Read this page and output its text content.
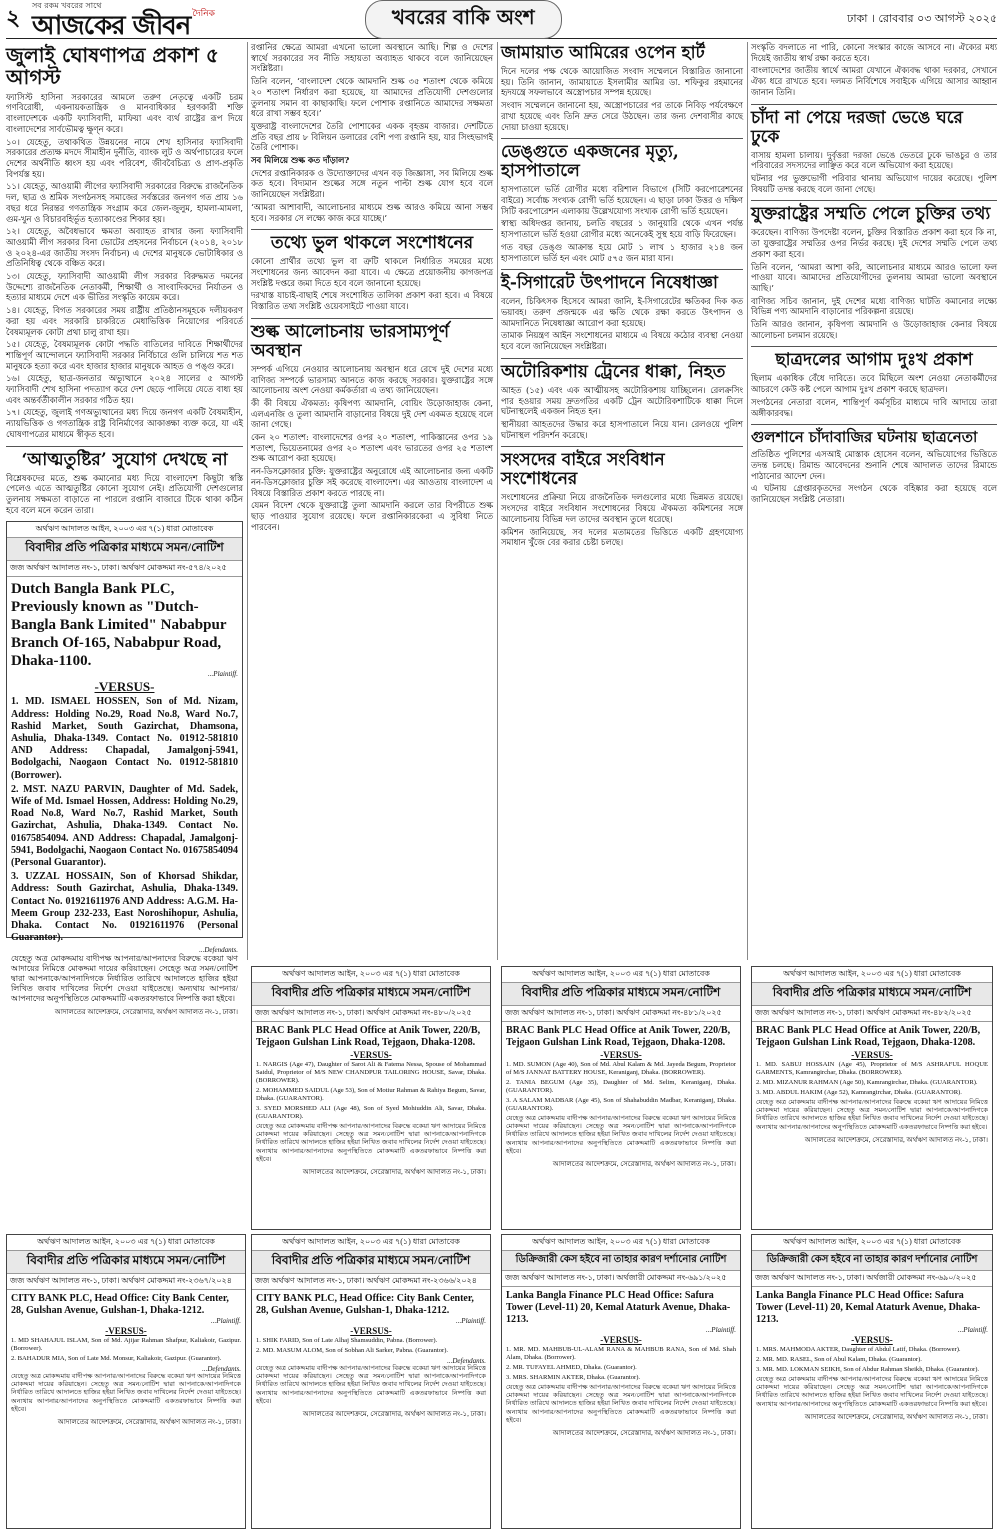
২	সব রকম খবরের সাথে
আজকের জীবন দৈনিক	খবরের বাকি অংশ	ঢাকা । রোববার ০৩ আগস্ট ২০২৫
জুলাই ঘোষণাপত্র প্রকাশ ৫ আগস্ট

ফ্যাসিস্ট হাসিনা সরকারের আমলে তরুণ নেতৃত্বে একটি চরম গণবিরোধী, একনায়কতান্ত্রিক ও মানবাধিকার হরণকারী শক্তি বাংলাদেশকে একটি ফ্যাসিবাদী, মাফিয়া এবং ব্যর্থ রাষ্ট্রের রূপ দিয়ে বাংলাদেশের সার্বভৌমত্ব ক্ষুণ্ন করে।

১০। যেহেতু, তথাকথিত উন্নয়নের নামে শেখ হাসিনার ফ্যাসিবাদী সরকারের প্রত্যক্ষ মদদে সীমাহীন দুর্নীতি, ব্যাংক লুট ও অর্থপাচারের ফলে দেশের অর্থনীতি ধ্বংস হয় এবং পরিবেশ, জীববৈচিত্র্য ও প্রাণ-প্রকৃতি বিপর্যস্ত হয়।

১১। যেহেতু, আওয়ামী লীগের ফ্যাসিবাদী সরকারের বিরুদ্ধে রাজনৈতিক দল, ছাত্র ও শ্রমিক সংগঠনসহ সমাজের সর্বস্তরের জনগণ গত প্রায় ১৬ বছর ধরে নিরন্তর গণতান্ত্রিক সংগ্রাম করে জেল-জুলুম, হামলা-মামলা, গুম-খুন ও বিচারবহির্ভূত হত্যাকাণ্ডের শিকার হয়।

১২। যেহেতু, অবৈধভাবে ক্ষমতা অব্যাহত রাখার জন্য ফ্যাসিবাদী আওয়ামী লীগ সরকার বিনা ভোটের প্রহসনের নির্বাচনে (২০১৪, ২০১৮ ও ২০২৪-এর জাতীয় সংসদ নির্বাচন) এ দেশের মানুষকে ভোটাধিকার ও প্রতিনিধিত্ব থেকে বঞ্চিত করে।

১৩। যেহেতু, ফ্যাসিবাদী আওয়ামী লীগ সরকার বিরুদ্ধমত দমনের উদ্দেশ্যে রাজনৈতিক নেতাকর্মী, শিক্ষার্থী ও সাংবাদিকদের নির্যাতন ও হত্যার মাধ্যমে দেশে এক ভীতির সংস্কৃতি কায়েম করে।

১৪। যেহেতু, বিগত সরকারের সময় রাষ্ট্রীয় প্রতিষ্ঠানসমূহকে দলীয়করণ করা হয় এবং সরকারি চাকরিতে মেধাভিত্তিক নিয়োগের পরিবর্তে বৈষম্যমূলক কোটা প্রথা চালু রাখা হয়।

১৫। যেহেতু, বৈষম্যমূলক কোটা পদ্ধতি বাতিলের দাবিতে শিক্ষার্থীদের শান্তিপূর্ণ আন্দোলনে ফ্যাসিবাদী সরকার নির্বিচারে গুলি চালিয়ে শত শত মানুষকে হত্যা করে এবং হাজার হাজার মানুষকে আহত ও পঙ্গু করে।

১৬। যেহেতু, ছাত্র-জনতার অভ্যুত্থানে ২০২৪ সালের ৫ আগস্ট ফ্যাসিবাদী শেখ হাসিনা পদত্যাগ করে দেশ ছেড়ে পালিয়ে যেতে বাধ্য হয় এবং অন্তর্বর্তীকালীন সরকার গঠিত হয়।

১৭। যেহেতু, জুলাই গণঅভ্যুত্থানের মধ্য দিয়ে জনগণ একটি বৈষম্যহীন, ন্যায়ভিত্তিক ও গণতান্ত্রিক রাষ্ট্র বিনির্মাণের আকাঙ্ক্ষা ব্যক্ত করে, যা এই ঘোষণাপত্রের মাধ্যমে স্বীকৃত হবে।

‘আত্মতুষ্টির’ সুযোগ দেখছে না

বিশ্লেষকদের মতে, শুল্ক কমানোর মধ্য দিয়ে বাংলাদেশ কিছুটা স্বস্তি পেলেও এতে আত্মতুষ্টির কোনো সুযোগ নেই। প্রতিযোগী দেশগুলোর তুলনায় সক্ষমতা বাড়াতে না পারলে রপ্তানি বাজারে টিকে থাকা কঠিন হবে বলে মনে করেন তারা।

অর্থঋণ আদালত আইন, ২০০৩ এর ৭(১) ধারা মোতাবেক
বিবাদীর প্রতি পত্রিকার মাধ্যমে সমন/নোটিশ
জজ অর্থঋণ আদালত নং-১, ঢাকা। অর্থঋণ মোকদ্দমা নং-৫৭৪/২০২৫
Dutch Bangla Bank PLC, Previously known as "Dutch-Bangla Bank Limited" Nababpur Branch Of-165, Nababpur Road, Dhaka-1100.
...Plaintiff.
-VERSUS-
1. MD. ISMAEL HOSSEN, Son of Md. Nizam, Address: Holding No.29, Road No.8, Ward No.7, Rashid Market, South Gazirchat, Dhamsona, Ashulia, Dhaka-1349. Contact No. 01912-581810 AND Address: Chapadal, Jamalgonj-5941, Bodolgachi, Naogaon Contact No. 01912-581810 (Borrower).
2. MST. NAZU PARVIN, Daughter of Md. Sadek, Wife of Md. Ismael Hossen, Address: Holding No.29, Road No.8, Ward No.7, Rashid Market, South Gazirchat, Ashulia, Dhaka-1349. Contact No. 01675854094. AND Address: Chapadal, Jamalgonj-5941, Bodolgachi, Naogaon Contact No. 01675854094 (Personal Guarantor).
3. UZZAL HOSSAIN, Son of Khorsad Shikdar, Address: South Gazirchat, Ashulia, Dhaka-1349. Contact No. 01921611976 AND Address: A.G.M. Ha-Meem Group 232-233, East Noroshihopur, Ashulia, Dhaka. Contact No. 01921611976 (Personal Guarantor).
...Defendants.
যেহেতু অত্র মোকদ্দমায় বাদীপক্ষ আপনার/আপনাদের বিরুদ্ধে বকেয়া ঋণ আদায়ের নিমিত্তে মোকদ্দমা দায়ের করিয়াছেন। সেহেতু অত্র সমন/নোটিশ দ্বারা আপনাকে/আপনাদিগকে নির্ধারিত তারিখে আদালতে হাজির হইয়া লিখিত জবাব দাখিলের নির্দেশ দেওয়া যাইতেছে। অন্যথায় আপনার/আপনাদের অনুপস্থিতিতে মোকদ্দমাটি একতরফাভাবে নিষ্পত্তি করা হইবে।
আদালতের আদেশক্রমে, সেরেস্তাদার, অর্থঋণ আদালত নং-১, ঢাকা।

রপ্তানির ক্ষেত্রে আমরা এখনো ভালো অবস্থানে আছি। শিল্প ও দেশের স্বার্থে সরকারের সব নীতি সহায়তা অব্যাহত থাকবে বলে জানিয়েছেন সংশ্লিষ্টরা।

তিনি বলেন, ‘বাংলাদেশ থেকে আমদানি শুল্ক ৩৫ শতাংশ থেকে কমিয়ে ২০ শতাংশ নির্ধারণ করা হয়েছে, যা আমাদের প্রতিযোগী দেশগুলোর তুলনায় সমান বা কাছাকাছি। ফলে পোশাক রপ্তানিতে আমাদের সক্ষমতা ধরে রাখা সম্ভব হবে।’

যুক্তরাষ্ট্র বাংলাদেশের তৈরি পোশাকের একক বৃহত্তম বাজার। দেশটিতে প্রতি বছর প্রায় ৮ বিলিয়ন ডলারের বেশি পণ্য রপ্তানি হয়, যার সিংহভাগই তৈরি পোশাক।

সব মিলিয়ে শুল্ক কত দাঁড়াল?

দেশের রপ্তানিকারক ও উদ্যোক্তাদের এখন বড় জিজ্ঞাসা, সব মিলিয়ে শুল্ক কত হবে। বিদ্যমান শুল্কের সঙ্গে নতুন পাল্টা শুল্ক যোগ হবে বলে জানিয়েছেন সংশ্লিষ্টরা।

‘আমরা আশাবাদী, আলোচনার মাধ্যমে শুল্ক আরও কমিয়ে আনা সম্ভব হবে। সরকার সে লক্ষ্যে কাজ করে যাচ্ছে।’

তথ্যে ভুল থাকলে সংশোধনের

কোনো প্রার্থীর তথ্যে ভুল বা ত্রুটি থাকলে নির্ধারিত সময়ের মধ্যে সংশোধনের জন্য আবেদন করা যাবে। এ ক্ষেত্রে প্রয়োজনীয় কাগজপত্র সংশ্লিষ্ট দপ্তরে জমা দিতে হবে বলে জানানো হয়েছে।

দরখাস্ত যাচাই-বাছাই শেষে সংশোধিত তালিকা প্রকাশ করা হবে। এ বিষয়ে বিস্তারিত তথ্য সংশ্লিষ্ট ওয়েবসাইটে পাওয়া যাবে।

শুল্ক আলোচনায় ভারসাম্যপূর্ণ অবস্থান

সম্পর্ক এগিয়ে নেওয়ার আলোচনায় অবস্থান ধরে রেখে দুই দেশের মধ্যে বাণিজ্য সম্পর্কে ভারসাম্য আনতে কাজ করছে সরকার। যুক্তরাষ্ট্রের সঙ্গে আলোচনায় অংশ নেওয়া কর্মকর্তারা এ তথ্য জানিয়েছেন।

কী কী বিষয়ে ঐকমত্য: কৃষিপণ্য আমদানি, বোয়িং উড়োজাহাজ কেনা, এলএনজি ও তুলা আমদানি বাড়ানোর বিষয়ে দুই দেশ একমত হয়েছে বলে জানা গেছে।

কেন ২০ শতাংশ: বাংলাদেশের ওপর ২০ শতাংশ, পাকিস্তানের ওপর ১৯ শতাংশ, ভিয়েতনামের ওপর ২০ শতাংশ এবং ভারতের ওপর ২৫ শতাংশ শুল্ক আরোপ করা হয়েছে।

নন-ডিসক্লোজার চুক্তি: যুক্তরাষ্ট্রের অনুরোধে এই আলোচনার জন্য একটি নন-ডিসক্লোজার চুক্তি সই করেছে বাংলাদেশ। এর আওতায় বাংলাদেশ এ বিষয়ে বিস্তারিত প্রকাশ করতে পারছে না।

যেমন বিদেশ থেকে যুক্তরাষ্ট্রে তুলা আমদানি করলে তার বিপরীতে শুল্ক ছাড় পাওয়ার সুযোগ রয়েছে। ফলে রপ্তানিকারকেরা এ সুবিধা নিতে পারবেন।

জামায়াত আমিরের ওপেন হার্ট

দিনে দলের পক্ষ থেকে আয়োজিত সংবাদ সম্মেলনে বিস্তারিত জানানো হয়। তিনি জানান, জামায়াতে ইসলামীর আমির ডা. শফিকুর রহমানের হৃদযন্ত্রে সফলভাবে অস্ত্রোপচার সম্পন্ন হয়েছে।

সংবাদ সম্মেলনে জানানো হয়, অস্ত্রোপচারের পর তাকে নিবিড় পর্যবেক্ষণে রাখা হয়েছে এবং তিনি দ্রুত সেরে উঠছেন। তার জন্য দেশবাসীর কাছে দোয়া চাওয়া হয়েছে।

ডেঙ্গুতে একজনের মৃত্যু, হাসপাতালে

হাসপাতালে ভর্তি রোগীর মধ্যে বরিশাল বিভাগে (সিটি করপোরেশনের বাইরে) সর্বোচ্চ সংখ্যক রোগী ভর্তি হয়েছেন। এ ছাড়া ঢাকা উত্তর ও দক্ষিণ সিটি করপোরেশন এলাকায় উল্লেখযোগ্য সংখ্যক রোগী ভর্তি হয়েছেন।

স্বাস্থ্য অধিদপ্তর জানায়, চলতি বছরের ১ জানুয়ারি থেকে এখন পর্যন্ত হাসপাতালে ভর্তি হওয়া রোগীর মধ্যে অনেকেই সুস্থ হয়ে বাড়ি ফিরেছেন।

গত বছর ডেঙ্গু আক্রান্ত হয়ে মোট ১ লাখ ১ হাজার ২১৪ জন হাসপাতালে ভর্তি হন এবং মোট ৫৭৫ জন মারা যান।

ই-সিগারেট উৎপাদনে নিষেধাজ্ঞা

বলেন, চিকিৎসক হিসেবে আমরা জানি, ই-সিগারেটের ক্ষতিকর দিক কত ভয়াবহ। তরুণ প্রজন্মকে এর ক্ষতি থেকে রক্ষা করতে উৎপাদন ও আমদানিতে নিষেধাজ্ঞা আরোপ করা হয়েছে।

তামাক নিয়ন্ত্রণ আইন সংশোধনের মাধ্যমে এ বিষয়ে কঠোর ব্যবস্থা নেওয়া হবে বলে জানিয়েছেন সংশ্লিষ্টরা।

অটোরিকশায় ট্রেনের ধাক্কা, নিহত

আহত (১৫) এবং এক আত্মীয়সহ অটোরিকশায় যাচ্ছিলেন। রেলক্রসিং পার হওয়ার সময় দ্রুতগতির একটি ট্রেন অটোরিকশাটিকে ধাক্কা দিলে ঘটনাস্থলেই একজন নিহত হন।

স্থানীয়রা আহতদের উদ্ধার করে হাসপাতালে নিয়ে যান। রেলওয়ে পুলিশ ঘটনাস্থল পরিদর্শন করেছে।

সংসদের বাইরে সংবিধান সংশোধনের

সংশোধনের প্রক্রিয়া নিয়ে রাজনৈতিক দলগুলোর মধ্যে ভিন্নমত রয়েছে। সংসদের বাইরে সংবিধান সংশোধনের বিষয়ে ঐকমত্য কমিশনের সঙ্গে আলোচনায় বিভিন্ন দল তাদের অবস্থান তুলে ধরেছে।

কমিশন জানিয়েছে, সব দলের মতামতের ভিত্তিতে একটি গ্রহণযোগ্য সমাধান খুঁজে বের করার চেষ্টা চলছে।

সংস্কৃতি বদলাতে না পারি, কোনো সংস্কার কাজে আসবে না। ঐক্যের মধ্য দিয়েই জাতীয় স্বার্থ রক্ষা করতে হবে।

বাংলাদেশের জাতীয় স্বার্থে আমরা যেখানে ঐক্যবদ্ধ থাকা দরকার, সেখানে ঐক্য ধরে রাখতে হবে। দলমত নির্বিশেষে সবাইকে এগিয়ে আসার আহ্বান জানান তিনি।

চাঁদা না পেয়ে দরজা ভেঙে ঘরে ঢুকে

বাসায় হামলা চালায়। দুর্বৃত্তরা দরজা ভেঙে ভেতরে ঢুকে ভাঙচুর ও তার পরিবারের সদস্যদের লাঞ্ছিত করে বলে অভিযোগ করা হয়েছে।

ঘটনার পর ভুক্তভোগী পরিবার থানায় অভিযোগ দায়ের করেছে। পুলিশ বিষয়টি তদন্ত করছে বলে জানা গেছে।

যুক্তরাষ্ট্রের সম্মতি পেলে চুক্তির তথ্য

করেছেন। বাণিজ্য উপদেষ্টা বলেন, চুক্তির বিস্তারিত প্রকাশ করা হবে কি না, তা যুক্তরাষ্ট্রের সম্মতির ওপর নির্ভর করছে। দুই দেশের সম্মতি পেলে তথ্য প্রকাশ করা হবে।

তিনি বলেন, ‘আমরা আশা করি, আলোচনার মাধ্যমে আরও ভালো ফল পাওয়া যাবে। আমাদের প্রতিযোগীদের তুলনায় আমরা ভালো অবস্থানে আছি।’

বাণিজ্য সচিব জানান, দুই দেশের মধ্যে বাণিজ্য ঘাটতি কমানোর লক্ষ্যে বিভিন্ন পণ্য আমদানি বাড়ানোর পরিকল্পনা রয়েছে।

তিনি আরও জানান, কৃষিপণ্য আমদানি ও উড়োজাহাজ কেনার বিষয়ে আলোচনা চলমান রয়েছে।

ছাত্রদলের আগাম দুঃখ প্রকাশ

ছিলাম একাধিক বেঁধে দাবিতে। তবে মিছিলে অংশ নেওয়া নেতাকর্মীদের আচরণে কেউ কষ্ট পেলে আগাম দুঃখ প্রকাশ করছে ছাত্রদল।

সংগঠনের নেতারা বলেন, শান্তিপূর্ণ কর্মসূচির মাধ্যমে দাবি আদায়ে তারা অঙ্গীকারবদ্ধ।

গুলশানে চাঁদাবাজির ঘটনায় ছাত্রনেতা

প্রতিষ্ঠিত পুলিশের এসআই মোস্তাক হোসেন বলেন, অভিযোগের ভিত্তিতে তদন্ত চলছে। রিমান্ড আবেদনের শুনানি শেষে আদালত তাদের রিমান্ডে পাঠানোর আদেশ দেন।

এ ঘটনায় গ্রেপ্তারকৃতদের সংগঠন থেকে বহিষ্কার করা হয়েছে বলে জানিয়েছেন সংশ্লিষ্ট নেতারা।

অর্থঋণ আদালত আইন, ২০০৩ এর ৭(১) ধারা মোতাবেক
বিবাদীর প্রতি পত্রিকার মাধ্যমে সমন/নোটিশ
জজ অর্থঋণ আদালত নং-১, ঢাকা। অর্থঋণ মোকদ্দমা নং-৪৮০/২০২৫
BRAC Bank PLC Head Office at Anik Tower, 220/B, Tejgaon Gulshan Link Road, Tejgaon, Dhaka-1208.
-VERSUS-
1. NARGIS (Age 47), Daughter of Sarot Ali & Fatema Nessa, Spouse of Mohammad Saidul, Proprietor of M/S NEW CHANDPUR TAILORING HOUSE, Savar, Dhaka. (BORROWER).
2. MOHAMMED SAIDUL (Age 53), Son of Motiur Rahman & Rahiya Begum, Savar, Dhaka. (GUARANTOR).
3. SYED MORSHED ALI (Age 48), Son of Syed Mohiuddin Ali, Savar, Dhaka. (GUARANTOR).
যেহেতু অত্র মোকদ্দমায় বাদীপক্ষ আপনার/আপনাদের বিরুদ্ধে বকেয়া ঋণ আদায়ের নিমিত্তে মোকদ্দমা দায়ের করিয়াছেন। সেহেতু অত্র সমন/নোটিশ দ্বারা আপনাকে/আপনাদিগকে নির্ধারিত তারিখে আদালতে হাজির হইয়া লিখিত জবাব দাখিলের নির্দেশ দেওয়া যাইতেছে। অন্যথায় আপনার/আপনাদের অনুপস্থিতিতে মোকদ্দমাটি একতরফাভাবে নিষ্পত্তি করা হইবে।
আদালতের আদেশক্রমে, সেরেস্তাদার, অর্থঋণ আদালত নং-১, ঢাকা।
অর্থঋণ আদালত আইন, ২০০৩ এর ৭(১) ধারা মোতাবেক
বিবাদীর প্রতি পত্রিকার মাধ্যমে সমন/নোটিশ
জজ অর্থঋণ আদালত নং-১, ঢাকা। অর্থঋণ মোকদ্দমা নং-৪৮১/২০২৫
BRAC Bank PLC Head Office at Anik Tower, 220/B, Tejgaon Gulshan Link Road, Tejgaon, Dhaka-1208.
-VERSUS-
1. MD. SUMON (Age 40), Son of Md. Abul Kalam & Md. Jayeda Begum, Proprietor of M/S JANNAT BATTERY HOUSE, Keraniganj, Dhaka. (BORROWER).
2. TANIA BEGUM (Age 35), Daughter of Md. Selim, Keraniganj, Dhaka. (GUARANTOR).
3. A SALAM MADBAR (Age 45), Son of Shahabuddin Madbar, Keraniganj, Dhaka. (GUARANTOR).
যেহেতু অত্র মোকদ্দমায় বাদীপক্ষ আপনার/আপনাদের বিরুদ্ধে বকেয়া ঋণ আদায়ের নিমিত্তে মোকদ্দমা দায়ের করিয়াছেন। সেহেতু অত্র সমন/নোটিশ দ্বারা আপনাকে/আপনাদিগকে নির্ধারিত তারিখে আদালতে হাজির হইয়া লিখিত জবাব দাখিলের নির্দেশ দেওয়া যাইতেছে। অন্যথায় আপনার/আপনাদের অনুপস্থিতিতে মোকদ্দমাটি একতরফাভাবে নিষ্পত্তি করা হইবে।
আদালতের আদেশক্রমে, সেরেস্তাদার, অর্থঋণ আদালত নং-১, ঢাকা।
অর্থঋণ আদালত আইন, ২০০৩ এর ৭(১) ধারা মোতাবেক
বিবাদীর প্রতি পত্রিকার মাধ্যমে সমন/নোটিশ
জজ অর্থঋণ আদালত নং-১, ঢাকা। অর্থঋণ মোকদ্দমা নং-৪৮২/২০২৫
BRAC Bank PLC Head Office at Anik Tower, 220/B, Tejgaon Gulshan Link Road, Tejgaon, Dhaka-1208.
-VERSUS-
1. MD. SABUJ HOSSAIN (Age 45), Proprietor of M/S ASHRAFUL HOQUE GARMENTS, Kamrangirchar, Dhaka. (BORROWER).
2. MD. MIZANUR RAHMAN (Age 50), Kamrangirchar, Dhaka. (GUARANTOR).
3. MD. ABDUL HAKIM (Age 52), Kamrangirchar, Dhaka. (GUARANTOR).
যেহেতু অত্র মোকদ্দমায় বাদীপক্ষ আপনার/আপনাদের বিরুদ্ধে বকেয়া ঋণ আদায়ের নিমিত্তে মোকদ্দমা দায়ের করিয়াছেন। সেহেতু অত্র সমন/নোটিশ দ্বারা আপনাকে/আপনাদিগকে নির্ধারিত তারিখে আদালতে হাজির হইয়া লিখিত জবাব দাখিলের নির্দেশ দেওয়া যাইতেছে। অন্যথায় আপনার/আপনাদের অনুপস্থিতিতে মোকদ্দমাটি একতরফাভাবে নিষ্পত্তি করা হইবে।
আদালতের আদেশক্রমে, সেরেস্তাদার, অর্থঋণ আদালত নং-১, ঢাকা।
অর্থঋণ আদালত আইন, ২০০৩ এর ৭(১) ধারা মোতাবেক
বিবাদীর প্রতি পত্রিকার মাধ্যমে সমন/নোটিশ
জজ অর্থঋণ আদালত নং-১, ঢাকা। অর্থঋণ মোকদ্দমা নং-২৩৬৭/২০২৪
CITY BANK PLC, Head Office: City Bank Center, 28, Gulshan Avenue, Gulshan-1, Dhaka-1212.
...Plaintiff.
-VERSUS-
1. MD SHAHAJUL ISLAM, Son of Md. Ajijar Rahman Shafpur, Kaliakoir, Gazipur. (Borrower).
2. BAHADUR MIA, Son of Late Md. Monsur, Kaliakoir, Gazipur. (Guarantor).
...Defendants.
যেহেতু অত্র মোকদ্দমায় বাদীপক্ষ আপনার/আপনাদের বিরুদ্ধে বকেয়া ঋণ আদায়ের নিমিত্তে মোকদ্দমা দায়ের করিয়াছেন। সেহেতু অত্র সমন/নোটিশ দ্বারা আপনাকে/আপনাদিগকে নির্ধারিত তারিখে আদালতে হাজির হইয়া লিখিত জবাব দাখিলের নির্দেশ দেওয়া যাইতেছে। অন্যথায় আপনার/আপনাদের অনুপস্থিতিতে মোকদ্দমাটি একতরফাভাবে নিষ্পত্তি করা হইবে।
আদালতের আদেশক্রমে, সেরেস্তাদার, অর্থঋণ আদালত নং-১, ঢাকা।
অর্থঋণ আদালত আইন, ২০০৩ এর ৭(১) ধারা মোতাবেক
বিবাদীর প্রতি পত্রিকার মাধ্যমে সমন/নোটিশ
জজ অর্থঋণ আদালত নং-১, ঢাকা। অর্থঋণ মোকদ্দমা নং-২৩৬৬/২০২৪
CITY BANK PLC, Head Office: City Bank Center, 28, Gulshan Avenue, Gulshan-1, Dhaka-1212.
...Plaintiff.
-VERSUS-
1. SHIK FARID, Son of Late Alhaj Shamsuddin, Pabna. (Borrower).
2. MD. MASUM ALOM, Son of Sobhan Ali Sarker, Pabna. (Guarantor).
...Defendants.
যেহেতু অত্র মোকদ্দমায় বাদীপক্ষ আপনার/আপনাদের বিরুদ্ধে বকেয়া ঋণ আদায়ের নিমিত্তে মোকদ্দমা দায়ের করিয়াছেন। সেহেতু অত্র সমন/নোটিশ দ্বারা আপনাকে/আপনাদিগকে নির্ধারিত তারিখে আদালতে হাজির হইয়া লিখিত জবাব দাখিলের নির্দেশ দেওয়া যাইতেছে। অন্যথায় আপনার/আপনাদের অনুপস্থিতিতে মোকদ্দমাটি একতরফাভাবে নিষ্পত্তি করা হইবে।
আদালতের আদেশক্রমে, সেরেস্তাদার, অর্থঋণ আদালত নং-১, ঢাকা।
অর্থঋণ আদালত আইন, ২০০৩ এর ৭(১) ধারা মোতাবেক
ডিক্রিজারী কেস হইবে না তাহার কারণ দর্শানোর নোটিশ
জজ অর্থঋণ আদালত নং-১, ঢাকা। অর্থজারী মোকদ্দমা নং-৬৯১/২০২৫
Lanka Bangla Finance PLC Head Office: Safura Tower (Level-11) 20, Kemal Ataturk Avenue, Dhaka-1213.
...Plaintiff.
-VERSUS-
1. MR. MD. MAHBUB-UL-ALAM RANA & MAHBUB RANA, Son of Md. Shah Alam, Dhaka. (Borrower).
2. MR. TUFAYEL AHMED, Dhaka. (Guarantor).
3. MRS. SHARMIN AKTER, Dhaka. (Guarantor).
যেহেতু অত্র মোকদ্দমায় বাদীপক্ষ আপনার/আপনাদের বিরুদ্ধে বকেয়া ঋণ আদায়ের নিমিত্তে মোকদ্দমা দায়ের করিয়াছেন। সেহেতু অত্র সমন/নোটিশ দ্বারা আপনাকে/আপনাদিগকে নির্ধারিত তারিখে আদালতে হাজির হইয়া লিখিত জবাব দাখিলের নির্দেশ দেওয়া যাইতেছে। অন্যথায় আপনার/আপনাদের অনুপস্থিতিতে মোকদ্দমাটি একতরফাভাবে নিষ্পত্তি করা হইবে।
আদালতের আদেশক্রমে, সেরেস্তাদার, অর্থঋণ আদালত নং-১, ঢাকা।
অর্থঋণ আদালত আইন, ২০০৩ এর ৭(১) ধারা মোতাবেক
ডিক্রিজারী কেস হইবে না তাহার কারণ দর্শানোর নোটিশ
জজ অর্থঋণ আদালত নং-১, ঢাকা। অর্থজারী মোকদ্দমা নং-৬৯০/২০২৫
Lanka Bangla Finance PLC Head Office: Safura Tower (Level-11) 20, Kemal Ataturk Avenue, Dhaka-1213.
...Plaintiff.
-VERSUS-
1. MRS. MAHMODA AKTER, Daughter of Abdul Latif, Dhaka. (Borrower).
2. MR. MD. RASEL, Son of Abul Kalam, Dhaka. (Guarantor).
3. MR. MD. LOKMAN SEIKH, Son of Abdur Rahman Sheikh, Dhaka. (Guarantor).
যেহেতু অত্র মোকদ্দমায় বাদীপক্ষ আপনার/আপনাদের বিরুদ্ধে বকেয়া ঋণ আদায়ের নিমিত্তে মোকদ্দমা দায়ের করিয়াছেন। সেহেতু অত্র সমন/নোটিশ দ্বারা আপনাকে/আপনাদিগকে নির্ধারিত তারিখে আদালতে হাজির হইয়া লিখিত জবাব দাখিলের নির্দেশ দেওয়া যাইতেছে। অন্যথায় আপনার/আপনাদের অনুপস্থিতিতে মোকদ্দমাটি একতরফাভাবে নিষ্পত্তি করা হইবে।
আদালতের আদেশক্রমে, সেরেস্তাদার, অর্থঋণ আদালত নং-১, ঢাকা।
